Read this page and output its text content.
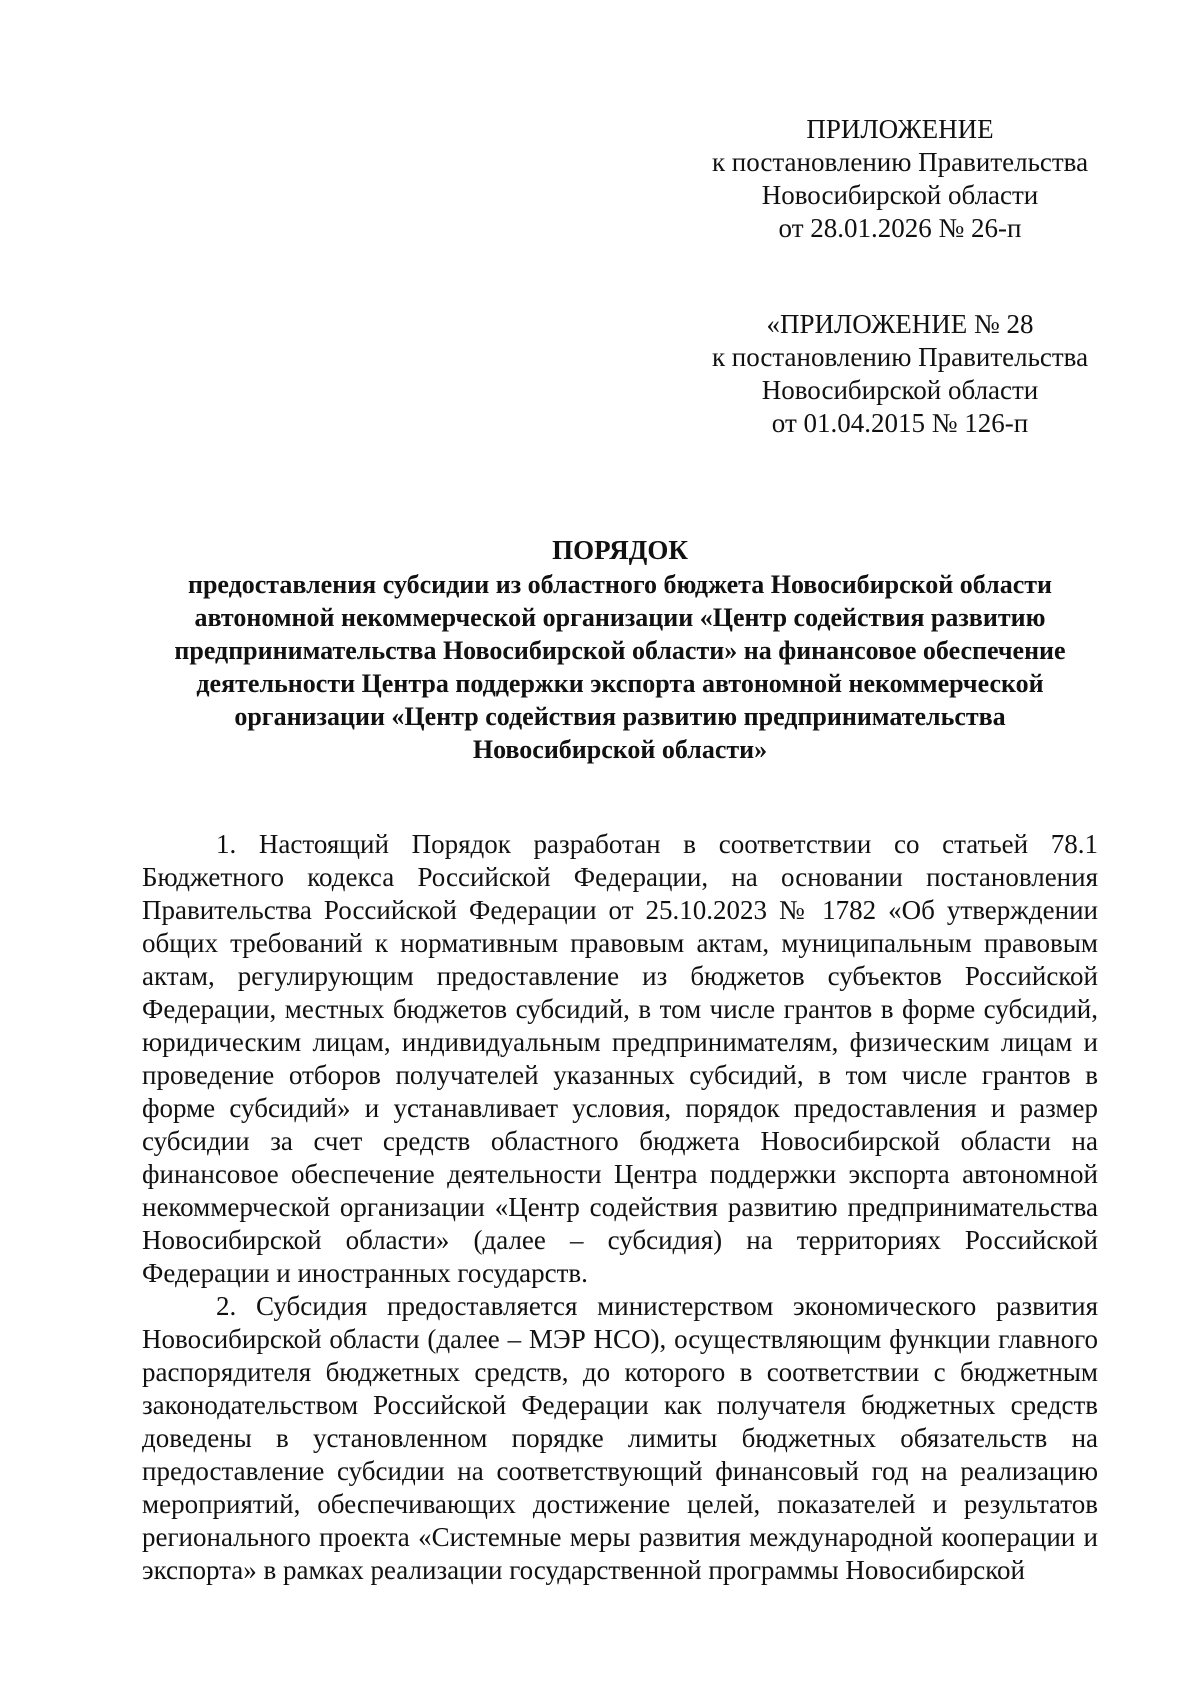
ПРИЛОЖЕНИЕ
к постановлению Правительства
Новосибирской области
от 28.01.2026 № 26-п
«ПРИЛОЖЕНИЕ № 28
к постановлению Правительства
Новосибирской области
от 01.04.2015 № 126-п
ПОРЯДОК
предоставления субсидии из областного бюджета Новосибирской области
автономной некоммерческой организации «Центр содействия развитию
предпринимательства Новосибирской области» на финансовое обеспечение
деятельности Центра поддержки экспорта автономной некоммерческой
организации «Центр содействия развитию предпринимательства
Новосибирской области»

1. Настоящий Порядок разработан в соответствии со статьей 78.1 Бюджетного кодекса Российской Федерации, на основании постановления Правительства Российской Федерации от 25.10.2023 № 1782 «Об утверждении общих требований к нормативным правовым актам, муниципальным правовым актам, регулирующим предоставление из бюджетов субъектов Российской Федерации, местных бюджетов субсидий, в том числе грантов в форме субсидий, юридическим лицам, индивидуальным предпринимателям, физическим лицам и проведение отборов получателей указанных субсидий, в том числе грантов в форме субсидий» и устанавливает условия, порядок предоставления и размер субсидии за счет средств областного бюджета Новосибирской области на финансовое обеспечение деятельности Центра поддержки экспорта автономной некоммерческой организации «Центр содействия развитию предпринимательства Новосибирской области» (далее – субсидия) на территориях Российской Федерации и иностранных государств.

2. Субсидия предоставляется министерством экономического развития Новосибирской области (далее – МЭР НСО), осуществляющим функции главного распорядителя бюджетных средств, до которого в соответствии с бюджетным законодательством Российской Федерации как получателя бюджетных средств доведены в установленном порядке лимиты бюджетных обязательств на предоставление субсидии на соответствующий финансовый год на реализацию мероприятий, обеспечивающих достижение целей, показателей и результатов регионального проекта «Системные меры развития международной кооперации и экспорта» в рамках реализации государственной программы Новосибирской
